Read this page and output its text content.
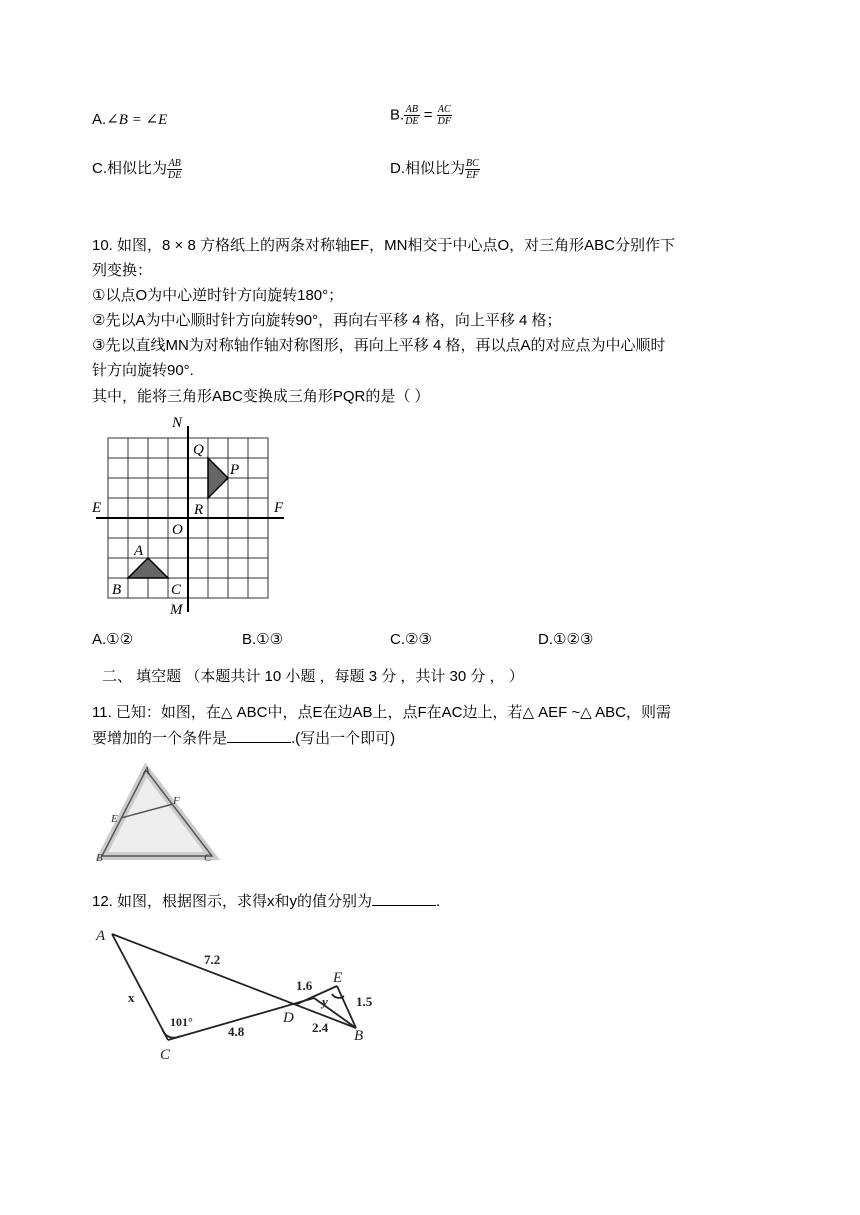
A.∠B = ∠E	B. $\frac{AB}{DE} = \frac{AC}{DF}$
C.相似比为 $\frac{AB}{DE}$	D.相似比为 $\frac{BC}{EF}$
10. 如图，8 × 8 方格纸上的两条对称轴EF，MN相交于中心点O，对三角形ABC分别作下
列变换：
①以点O为中心逆时针方向旋转180°；
②先以A为中心顺时针方向旋转90°，再向右平移 4 格，向上平移 4 格；
③先以直线MN为对称轴作轴对称图形，再向上平移 4 格，再以点A的对应点为中心顺时
针方向旋转90°.
其中，能将三角形ABC变换成三角形PQR的是（ ）
N
M
E	F
O
Q
P
R
A
B	C
A.①②	B.①③	C.②③	D.①②③
二、 填空题 （本题共计 10 小题 ，每题 3 分 ，共计 30 分 ， ）
11. 已知：如图，在△ ABC中，点E在边AB上，点F在AC边上，若△ AEF ~△ ABC，则需
要增加的一个条件是	.(写出一个即可)
A
E
F
B	C
12. 如图，根据图示，求得x和y的值分别为	.
A
C
D
E
B
x	y
7.2
4.8
1.6
2.4
1.5
101°
